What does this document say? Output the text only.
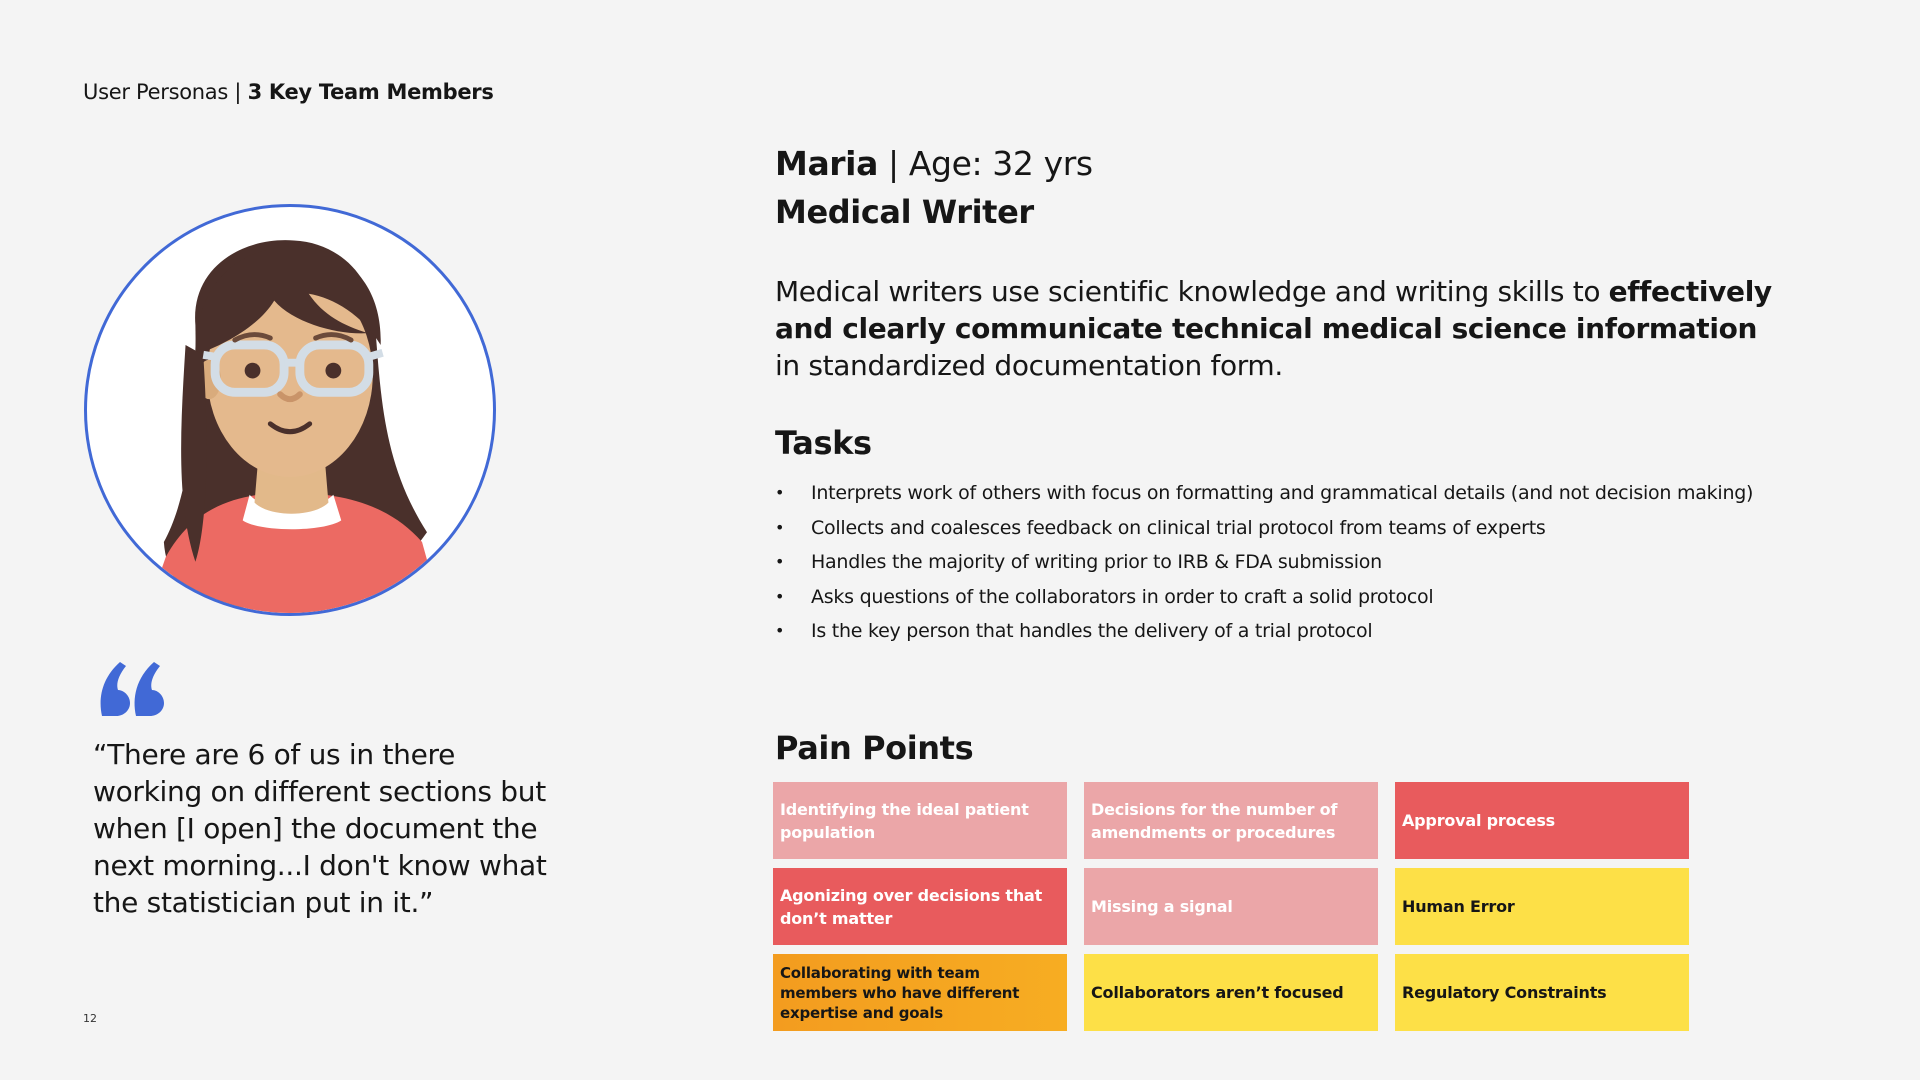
User Personas | 3 Key Team Members
“There are 6 of us in there working on different sections but when [I open] the document the next morning...I don't know what the statistician put in it.”
12
Maria | Age: 32 yrs
Medical Writer
Medical writers use scientific knowledge and writing skills to effectively and clearly communicate technical medical science information in standardized documentation form.
Tasks
• Interprets work of others with focus on formatting and grammatical details (and not decision making)
• Collects and coalesces feedback on clinical trial protocol from teams of experts
• Handles the majority of writing prior to IRB & FDA submission
• Asks questions of the collaborators in order to craft a solid protocol
• Is the key person that handles the delivery of a trial protocol
Pain Points
Identifying the ideal patient population
Decisions for the number of amendments or procedures
Approval process
Agonizing over decisions that don’t matter
Missing a signal	Human Error
Collaborating with team members who have different expertise and goals
Collaborators aren’t focused	Regulatory Constraints
